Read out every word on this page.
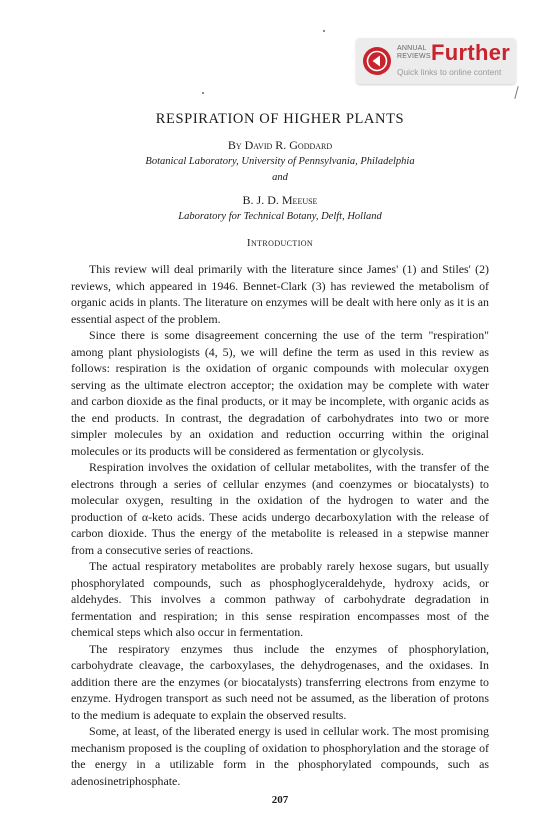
ANNUAL
REVIEWS Further
Quick links to online content
RESPIRATION OF HIGHER PLANTS
By David R. Goddard
Botanical Laboratory, University of Pennsylvania, Philadelphia
and
B. J. D. Meeuse
Laboratory for Technical Botany, Delft, Holland
Introduction

This review will deal primarily with the literature since James' (1) and Stiles' (2) reviews, which appeared in 1946. Bennet-Clark (3) has reviewed the metabolism of organic acids in plants. The literature on enzymes will be dealt with here only as it is an essential aspect of the problem.

Since there is some disagreement concerning the use of the term "respiration" among plant physiologists (4, 5), we will define the term as used in this review as follows: respiration is the oxidation of organic compounds with molecular oxygen serving as the ultimate electron acceptor; the oxidation may be complete with water and carbon dioxide as the final products, or it may be incomplete, with organic acids as the end products. In contrast, the degradation of carbohydrates into two or more simpler molecules by an oxidation and reduction occurring within the original molecules or its products will be considered as fermentation or glycolysis.

Respiration involves the oxidation of cellular metabolites, with the transfer of the electrons through a series of cellular enzymes (and coenzymes or biocatalysts) to molecular oxygen, resulting in the oxidation of the hydrogen to water and the production of α-keto acids. These acids undergo decarboxylation with the release of carbon dioxide. Thus the energy of the metabolite is released in a stepwise manner from a consecutive series of reactions.

The actual respiratory metabolites are probably rarely hexose sugars, but usually phosphorylated compounds, such as phosphoglyceraldehyde, hydroxy acids, or aldehydes. This involves a common pathway of carbohydrate degradation in fermentation and respiration; in this sense respiration encompasses most of the chemical steps which also occur in fermentation.

The respiratory enzymes thus include the enzymes of phosphorylation, carbohydrate cleavage, the carboxylases, the dehydrogenases, and the oxidases. In addition there are the enzymes (or biocatalysts) transferring electrons from enzyme to enzyme. Hydrogen transport as such need not be assumed, as the liberation of protons to the medium is adequate to explain the observed results.

Some, at least, of the liberated energy is used in cellular work. The most promising mechanism proposed is the coupling of oxidation to phosphorylation and the storage of the energy in a utilizable form in the phosphorylated compounds, such as adenosinetriphosphate.

207
